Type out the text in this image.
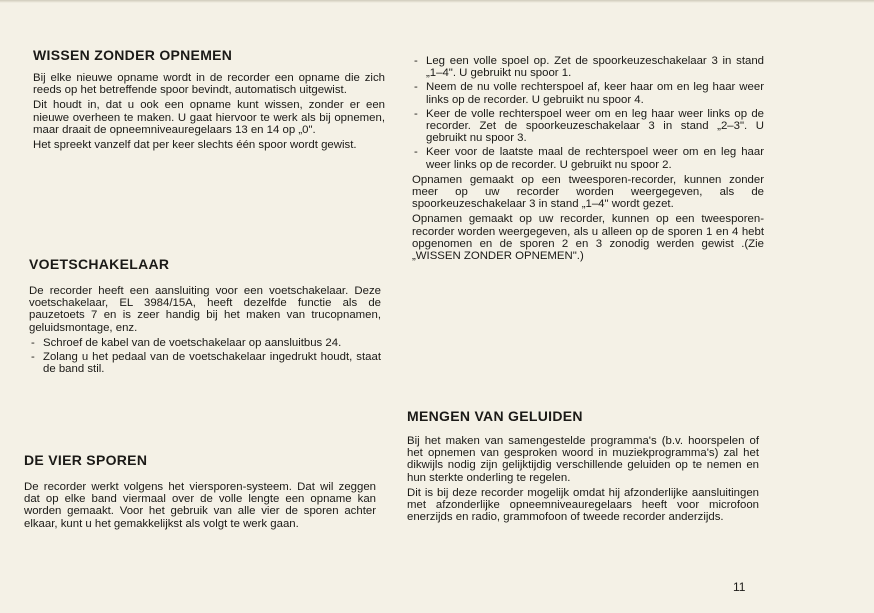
WISSEN ZONDER OPNEMEN

Bij elke nieuwe opname wordt in de recorder een opname die zich reeds op het betreffende spoor bevindt, automatisch uitgewist.

Dit houdt in, dat u ook een opname kunt wissen, zonder er een nieuwe overheen te maken. U gaat hiervoor te werk als bij opnemen, maar draait de opneemniveauregelaars 13 en 14 op „0".

Het spreekt vanzelf dat per keer slechts één spoor wordt gewist.

VOETSCHAKELAAR

De recorder heeft een aansluiting voor een voetschakelaar. Deze voetschakelaar, EL 3984/15A, heeft dezelfde functie als de pauzetoets 7 en is zeer handig bij het maken van trucopnamen, geluidsmontage, enz.

- Schroef de kabel van de voetschakelaar op aansluitbus 24.
- Zolang u het pedaal van de voetschakelaar ingedrukt houdt, staat de band stil.
DE VIER SPOREN

De recorder werkt volgens het viersporen-systeem. Dat wil zeggen dat op elke band viermaal over de volle lengte een opname kan worden gemaakt. Voor het gebruik van alle vier de sporen achter elkaar, kunt u het gemakkelijkst als volgt te werk gaan.

- Leg een volle spoel op. Zet de spoorkeuzeschakelaar 3 in stand „1–4". U gebruikt nu spoor 1.
- Neem de nu volle rechterspoel af, keer haar om en leg haar weer links op de recorder. U gebruikt nu spoor 4.
- Keer de volle rechterspoel weer om en leg haar weer links op de recorder. Zet de spoorkeuzeschakelaar 3 in stand „2–3". U gebruikt nu spoor 3.
- Keer voor de laatste maal de rechterspoel weer om en leg haar weer links op de recorder. U gebruikt nu spoor 2.

Opnamen gemaakt op een tweesporen-recorder, kunnen zonder meer op uw recorder worden weergegeven, als de spoorkeuzeschakelaar 3 in stand „1–4" wordt gezet.

Opnamen gemaakt op uw recorder, kunnen op een tweesporen-recorder worden weergegeven, als u alleen op de sporen 1 en 4 hebt opgenomen en de sporen 2 en 3 zonodig werden gewist .(Zie „WISSEN ZONDER OPNEMEN".)

MENGEN VAN GELUIDEN

Bij het maken van samengestelde programma's (b.v. hoorspelen of het opnemen van gesproken woord in muziekprogramma's) zal het dikwijls nodig zijn gelijktijdig verschillende geluiden op te nemen en hun sterkte onderling te regelen.

Dit is bij deze recorder mogelijk omdat hij afzonderlijke aansluitingen met afzonderlijke opneemniveauregelaars heeft voor microfoon enerzijds en radio, grammofoon of tweede recorder anderzijds.

11
